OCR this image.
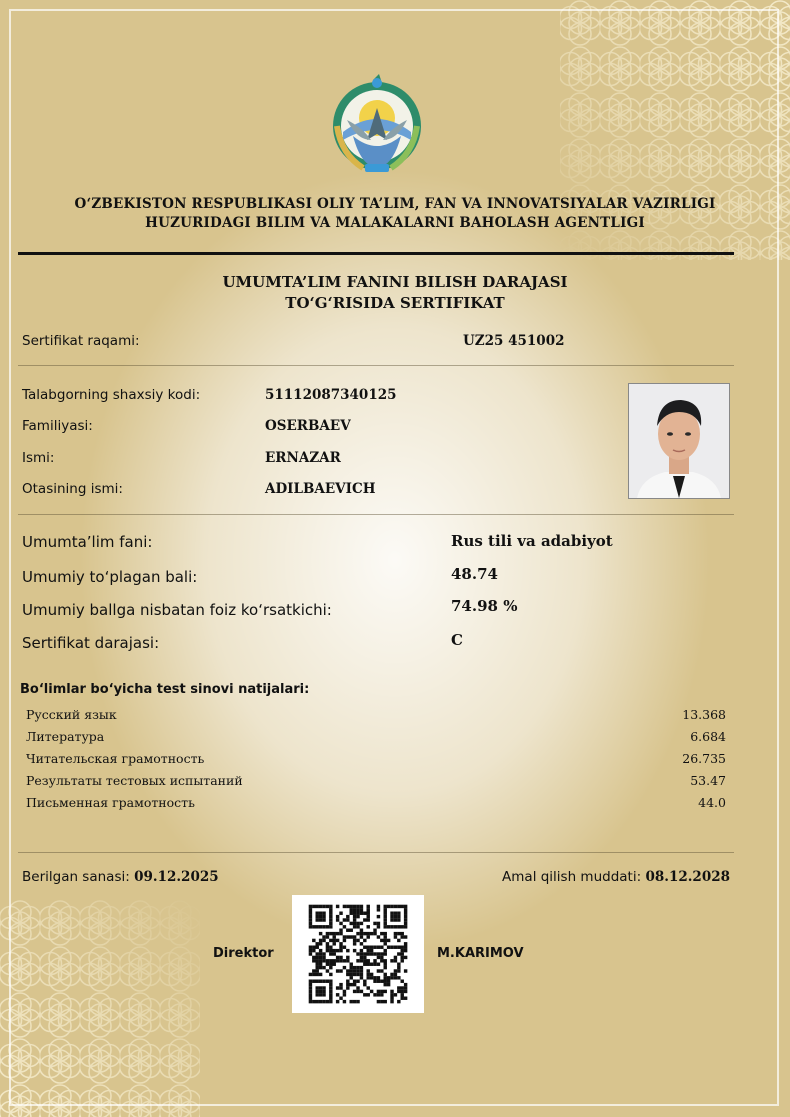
O‘ZBEKISTON RESPUBLIKASI OLIY TA’LIM, FAN VA INNOVATSIYALAR VAZIRLIGI
HUZURIDAGI BILIM VA MALAKALARNI BAHOLASH AGENTLIGI
UMUMTA’LIM FANINI BILISH DARAJASI
TO‘G‘RISIDA SERTIFIKAT
Sertifikat raqami:	UZ25 451002
Talabgorning shaxsiy kodi:	51112087340125
Familiyasi:	OSERBAEV
Ismi:	ERNAZAR
Otasining ismi:	ADILBAEVICH
Umumta’lim fani:	Rus tili va adabiyot
Umumiy to‘plagan bali:	48.74
Umumiy ballga nisbatan foiz ko‘rsatkichi:	74.98 %
Sertifikat darajasi:	C
Bo‘limlar bo‘yicha test sinovi natijalari:
Русский язык	13.368
Литература	6.684
Читательская грамотность	26.735
Результаты тестовых испытаний	53.47
Письменная грамотность	44.0
Berilgan sanasi: 09.12.2025	Amal qilish muddati: 08.12.2028
Direktor	M.KARIMOV
